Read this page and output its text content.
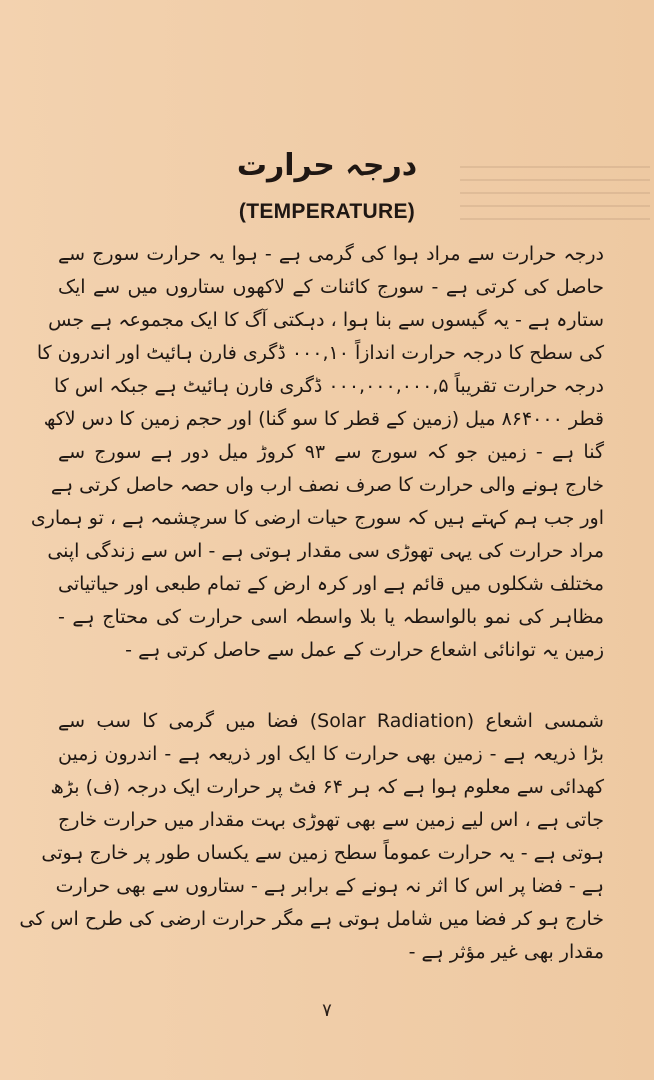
درجہ حرارت
(TEMPERATURE)
درجہ حرارت سے مراد ہوا کی گرمی ہے - ہوا یہ حرارت سورج سے
حاصل کی کرتی ہے - سورج کائنات کے لاکھوں ستاروں میں سے ایک
ستارہ ہے - یہ گیسوں سے بنا ہوا ، دہکتی آگ کا ایک مجموعہ ہے جس
کی سطح کا درجہ حرارت اندازاً ۰۰۰,۱۰ ڈگری فارن ہائیٹ اور اندرون کا
درجہ حرارت تقریباً ۰۰۰,۰۰۰,۰۰۰,۵ ڈگری فارن ہائیٹ ہے جبکہ اس کا
قطر ۸۶۴۰۰۰ میل (زمین کے قطر کا سو گنا) اور حجم زمین کا دس لاکھ
گنا ہے - زمین جو کہ سورج سے ۹۳ کروڑ میل دور ہے سورج سے
خارج ہونے والی حرارت کا صرف نصف ارب واں حصہ حاصل کرتی ہے
اور جب ہم کہتے ہیں کہ سورج حیات ارضی کا سرچشمہ ہے ، تو ہماری
مراد حرارت کی یہی تھوڑی سی مقدار ہوتی ہے - اس سے زندگی اپنی
مختلف شکلوں میں قائم ہے اور کرہ ارض کے تمام طبعی اور حیاتیاتی
مظاہر کی نمو بالواسطہ یا بلا واسطہ اسی حرارت کی محتاج ہے -
زمین یہ توانائی اشعاع حرارت کے عمل سے حاصل کرتی ہے -
شمسی اشعاع (Solar Radiation) فضا میں گرمی کا سب سے
بڑا ذریعہ ہے - زمین بھی حرارت کا ایک اور ذریعہ ہے - اندرون زمین
کھدائی سے معلوم ہوا ہے کہ ہر ۶۴ فٹ پر حرارت ایک درجہ (ف) بڑھ
جاتی ہے ، اس لیے زمین سے بھی تھوڑی بہت مقدار میں حرارت خارج
ہوتی ہے - یہ حرارت عموماً سطح زمین سے یکساں طور پر خارج ہوتی
ہے - فضا پر اس کا اثر نہ ہونے کے برابر ہے - ستاروں سے بھی حرارت
خارج ہو کر فضا میں شامل ہوتی ہے مگر حرارت ارضی کی طرح اس کی
مقدار بھی غیر مؤثر ہے -
۷
